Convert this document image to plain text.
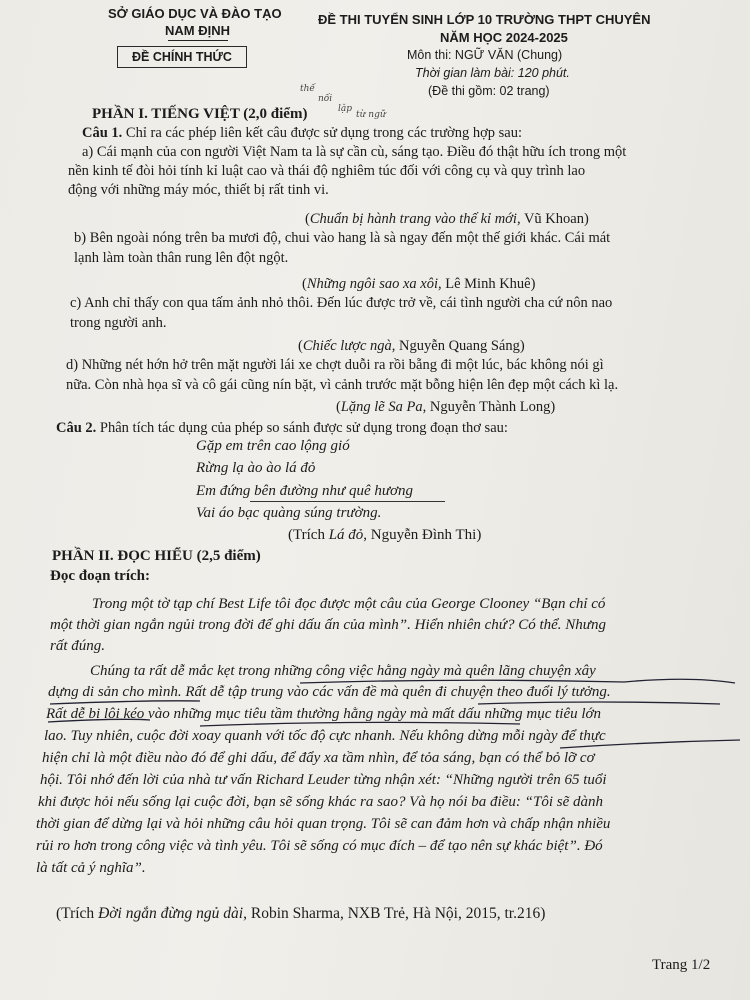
SỞ GIÁO DỤC VÀ ĐÀO TẠO
NAM ĐỊNH
ĐỀ CHÍNH THỨC
ĐỀ THI TUYỂN SINH LỚP 10 TRƯỜNG THPT CHUYÊN
NĂM HỌC 2024-2025
Môn thi: NGỮ VĂN (Chung)
Thời gian làm bài: 120 phút.
(Đề thi gồm: 02 trang)
thế
nối
lặp
từ ngữ
PHẦN I. TIẾNG VIỆT (2,0 điểm)
Câu 1. Chỉ ra các phép liên kết câu được sử dụng trong các trường hợp sau:
a) Cái mạnh của con người Việt Nam ta là sự cần cù, sáng tạo. Điều đó thật hữu ích trong một
nền kinh tế đòi hỏi tính kỉ luật cao và thái độ nghiêm túc đối với công cụ và quy trình lao
động với những máy móc, thiết bị rất tinh vi.
(Chuẩn bị hành trang vào thế kỉ mới, Vũ Khoan)
b) Bên ngoài nóng trên ba mươi độ, chui vào hang là sà ngay đến một thế giới khác. Cái mát
lạnh làm toàn thân rung lên đột ngột.
(Những ngôi sao xa xôi, Lê Minh Khuê)
c) Anh chỉ thấy con qua tấm ảnh nhỏ thôi. Đến lúc được trở về, cái tình người cha cứ nôn nao
trong người anh.
(Chiếc lược ngà, Nguyễn Quang Sáng)
d) Những nét hớn hở trên mặt người lái xe chợt duỗi ra rồi bẵng đi một lúc, bác không nói gì
nữa. Còn nhà họa sĩ và cô gái cũng nín bặt, vì cảnh trước mặt bỗng hiện lên đẹp một cách kì lạ.
(Lặng lẽ Sa Pa, Nguyễn Thành Long)
Câu 2. Phân tích tác dụng của phép so sánh được sử dụng trong đoạn thơ sau:
Gặp em trên cao lộng gió
Rừng lạ ào ào lá đỏ
Em đứng bên đường như quê hương
Vai áo bạc quàng súng trường.
(Trích Lá đỏ, Nguyễn Đình Thi)
PHẦN II. ĐỌC HIỂU (2,5 điểm)
Đọc đoạn trích:
Trong một tờ tạp chí Best Life tôi đọc được một câu của George Clooney “Bạn chỉ có
một thời gian ngắn ngủi trong đời để ghi dấu ấn của mình”. Hiển nhiên chứ? Có thể. Nhưng
rất đúng.
Chúng ta rất dễ mắc kẹt trong những công việc hằng ngày mà quên lãng chuyện xây
dựng di sản cho mình. Rất dễ tập trung vào các vấn đề mà quên đi chuyện theo đuổi lý tưởng.
Rất dễ bị lôi kéo vào những mục tiêu tầm thường hằng ngày mà mất dấu những mục tiêu lớn
lao. Tuy nhiên, cuộc đời xoay quanh với tốc độ cực nhanh. Nếu không dừng mỗi ngày để thực
hiện chỉ là một điều nào đó để ghi dấu, để đẩy xa tầm nhìn, để tỏa sáng, bạn có thể bỏ lỡ cơ
hội. Tôi nhớ đến lời của nhà tư vấn Richard Leuder từng nhận xét: “Những người trên 65 tuổi
khi được hỏi nếu sống lại cuộc đời, bạn sẽ sống khác ra sao? Và họ nói ba điều: “Tôi sẽ dành
thời gian để dừng lại và hỏi những câu hỏi quan trọng. Tôi sẽ can đảm hơn và chấp nhận nhiều
rủi ro hơn trong công việc và tình yêu. Tôi sẽ sống có mục đích – để tạo nên sự khác biệt”. Đó
là tất cả ý nghĩa”.
(Trích Đời ngắn đừng ngủ dài, Robin Sharma, NXB Trẻ, Hà Nội, 2015, tr.216)
Trang 1/2
